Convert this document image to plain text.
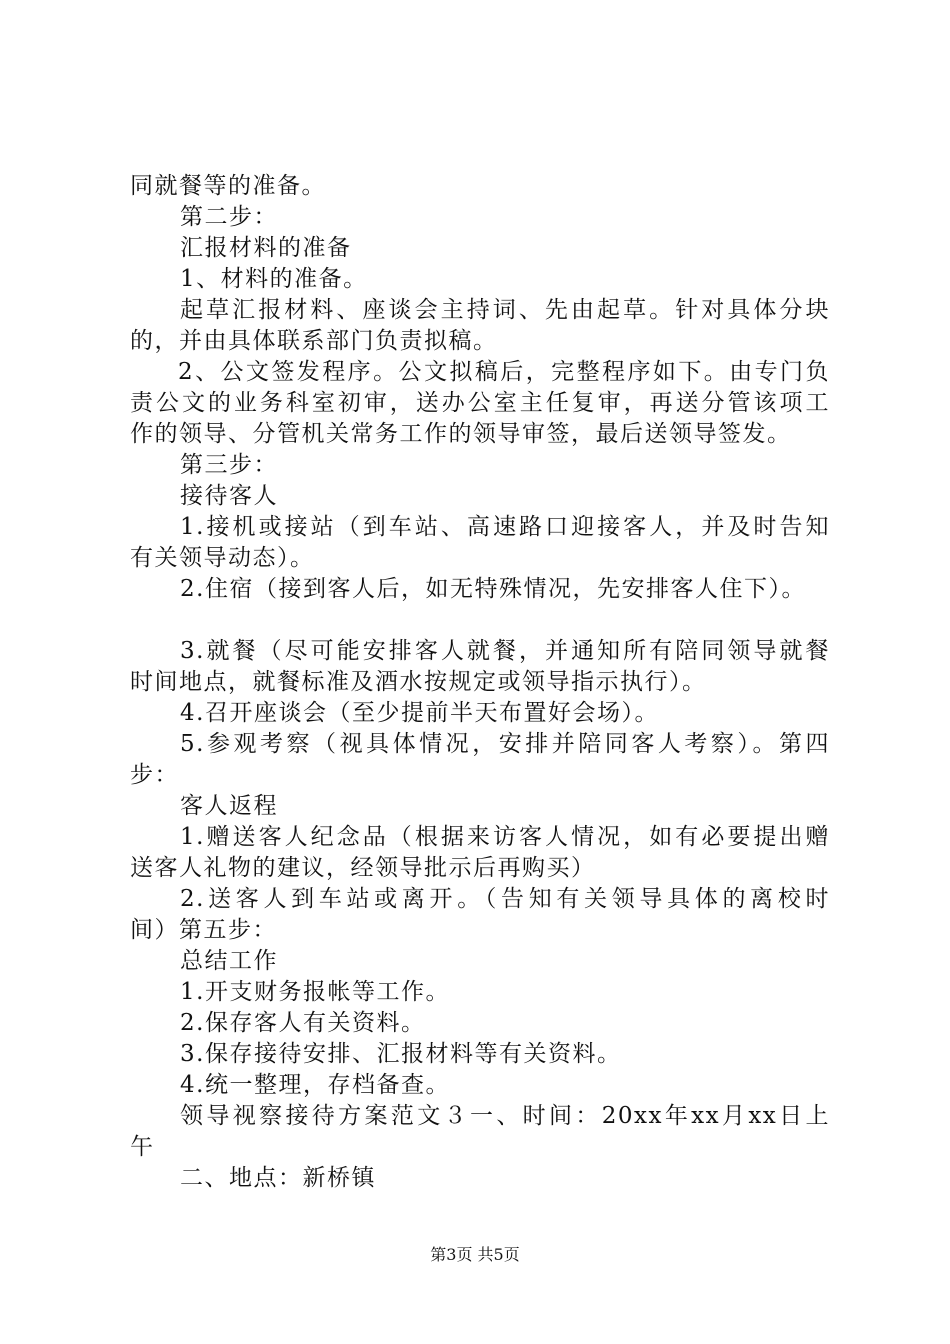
同就餐等的准备。
第二步：
汇报材料的准备
1、材料的准备。
起草汇报材料、座谈会主持词、先由起草。针对具体分块
的，并由具体联系部门负责拟稿。
2、公文签发程序。公文拟稿后，完整程序如下。由专门负
责公文的业务科室初审，送办公室主任复审，再送分管该项工
作的领导、分管机关常务工作的领导审签，最后送领导签发。
第三步：
接待客人
1.接机或接站（到车站、高速路口迎接客人，并及时告知
有关领导动态）。
2.住宿（接到客人后，如无特殊情况，先安排客人住下）。
3.就餐（尽可能安排客人就餐，并通知所有陪同领导就餐
时间地点，就餐标准及酒水按规定或领导指示执行）。
4.召开座谈会（至少提前半天布置好会场）。
5.参观考察（视具体情况，安排并陪同客人考察）。第四
步：
客人返程
1.赠送客人纪念品（根据来访客人情况，如有必要提出赠
送客人礼物的建议，经领导批示后再购买）
2.送客人到车站或离开。（告知有关领导具体的离校时
间）第五步：
总结工作
1.开支财务报帐等工作。
2.保存客人有关资料。
3.保存接待安排、汇报材料等有关资料。
4.统一整理，存档备查。
领导视察接待方案范文３一、时间：20xx年xx月xx日上
午
二、地点：新桥镇
第3页 共5页
